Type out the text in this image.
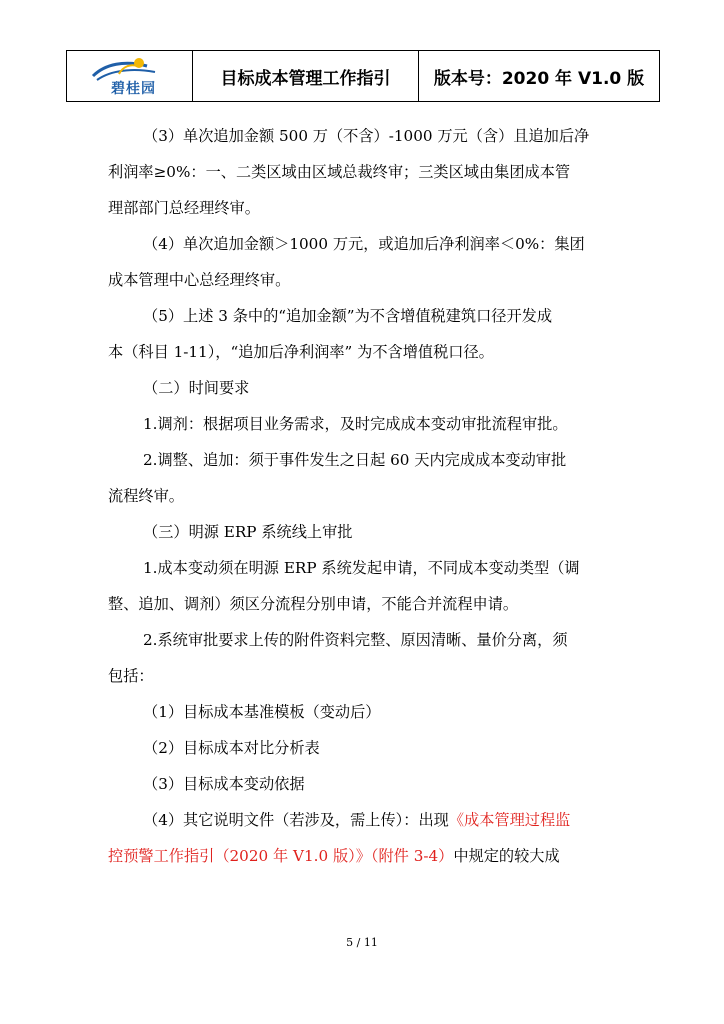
碧桂园
目标成本管理工作指引	版本号：2020 年 V1.0 版
（3）单次追加金额 500 万（不含）-1000 万元（含）且追加后净
利润率≥0%：一、二类区域由区域总裁终审；三类区域由集团成本管
理部部门总经理终审。
（4）单次追加金额＞1000 万元，或追加后净利润率＜0%：集团
成本管理中心总经理终审。
（5）上述 3 条中的“追加金额”为不含增值税建筑口径开发成
本（科目 1-11），“追加后净利润率” 为不含增值税口径。
（二）时间要求
1.调剂：根据项目业务需求，及时完成成本变动审批流程审批。
2.调整、追加：须于事件发生之日起 60 天内完成成本变动审批
流程终审。
（三）明源 ERP 系统线上审批
1.成本变动须在明源 ERP 系统发起申请，不同成本变动类型（调
整、追加、调剂）须区分流程分别申请，不能合并流程申请。
2.系统审批要求上传的附件资料完整、原因清晰、量价分离，须
包括：
（1）目标成本基准模板（变动后）
（2）目标成本对比分析表
（3）目标成本变动依据
（4）其它说明文件（若涉及，需上传）：出现《成本管理过程监
控预警工作指引（2020 年 V1.0 版）》（附件 3-4）中规定的较大成
5 / 11
